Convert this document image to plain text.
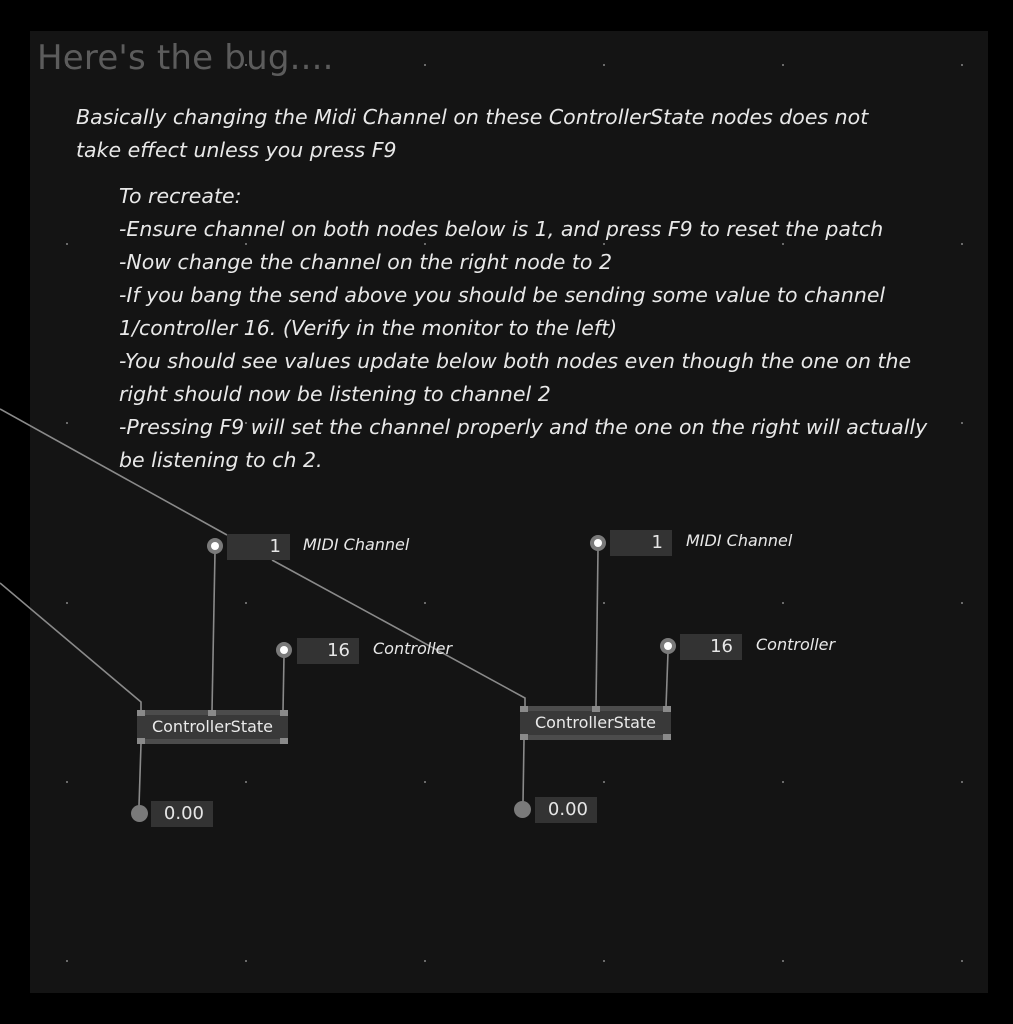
Here's the bug....
Basically changing the Midi Channel on these ControllerState nodes does not
take effect unless you press F9
To recreate:
-Ensure channel on both nodes below is 1, and press F9 to reset the patch
-Now change the channel on the right node to 2
-If you bang the send above you should be sending some value to channel
1/controller 16. (Verify in the monitor to the left)
-You should see values update below both nodes even though the one on the
right should now be listening to channel 2
-Pressing F9 will set the channel properly and the one on the right will actually
be listening to ch 2.
1	MIDI Channel
16	Controller
ControllerState
0.00
1	MIDI Channel
16	Controller
ControllerState
0.00
